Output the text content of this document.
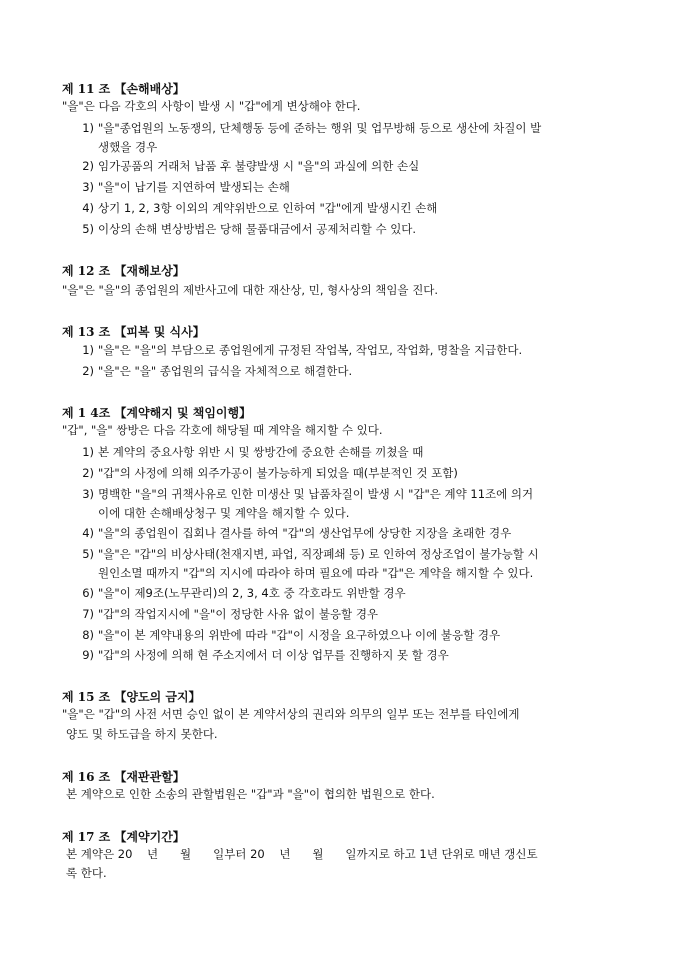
제 11 조 【손해배상】
"을"은 다음 각호의 사항이 발생 시 "갑"에게 변상해야 한다.
1) "을"종업원의 노동쟁의, 단체행동 등에 준하는 행위 및 업무방해 등으로 생산에 차질이 발
생했을 경우
2) 임가공품의 거래처 납품 후 불량발생 시 "을"의 과실에 의한 손실
3) "을"이 납기를 지연하여 발생되는 손해
4) 상기 1, 2, 3항 이외의 계약위반으로 인하여 "갑"에게 발생시킨 손해
5) 이상의 손해 변상방법은 당해 물품대금에서 공제처리할 수 있다.
제 12 조 【재해보상】
"을"은 "을"의 종업원의 제반사고에 대한 재산상, 민, 형사상의 책임을 진다.
제 13 조 【피복 및 식사】
1) "을"은 "을"의 부담으로 종업원에게 규정된 작업복, 작업모, 작업화, 명찰을 지급한다.
2) "을"은 "을" 종업원의 급식을 자체적으로 해결한다.
제 1 4조 【계약해지 및 책임이행】
"갑", "을" 쌍방은 다음 각호에 해당될 때 계약을 해지할 수 있다.
1) 본 계약의 중요사항 위반 시 및 쌍방간에 중요한 손해를 끼쳤을 때
2) "갑"의 사정에 의해 외주가공이 불가능하게 되었을 때(부분적인 것 포함)
3) 명백한 "을"의 귀책사유로 인한 미생산 및 납품차질이 발생 시 "갑"은 계약 11조에 의거
이에 대한 손해배상청구 및 계약을 해지할 수 있다.
4) "을"의 종업원이 집회나 결사를 하여 "갑"의 생산업무에 상당한 지장을 초래한 경우
5) "을"은 "갑"의 비상사태(천재지변, 파업, 직장폐쇄 등) 로 인하여 정상조업이 불가능할 시
원인소멸 때까지 "갑"의 지시에 따라야 하며 필요에 따라 "갑"은 계약을 해지할 수 있다.
6) "을"이 제9조(노무관리)의 2, 3, 4호 중 각호라도 위반할 경우
7) "갑"의 작업지시에 "을"이 정당한 사유 없이 불응할 경우
8) "을"이 본 계약내용의 위반에 따라 "갑"이 시정을 요구하였으나 이에 불응할 경우
9) "갑"의 사정에 의해 현 주소지에서 더 이상 업무를 진행하지 못 할 경우
제 15 조 【양도의 금지】
"을"은 "갑"의 사전 서면 승인 없이 본 계약서상의 권리와 의무의 일부 또는 전부를 타인에게
양도 및 하도급을 하지 못한다.
제 16 조 【재판관할】
본 계약으로 인한 소송의 관할법원은 "갑"과 "을"이 협의한 법원으로 한다.
제 17 조 【계약기간】
본 계약은 20    년      월      일부터 20    년      월      일까지로 하고 1년 단위로 매년 갱신토
록 한다.
